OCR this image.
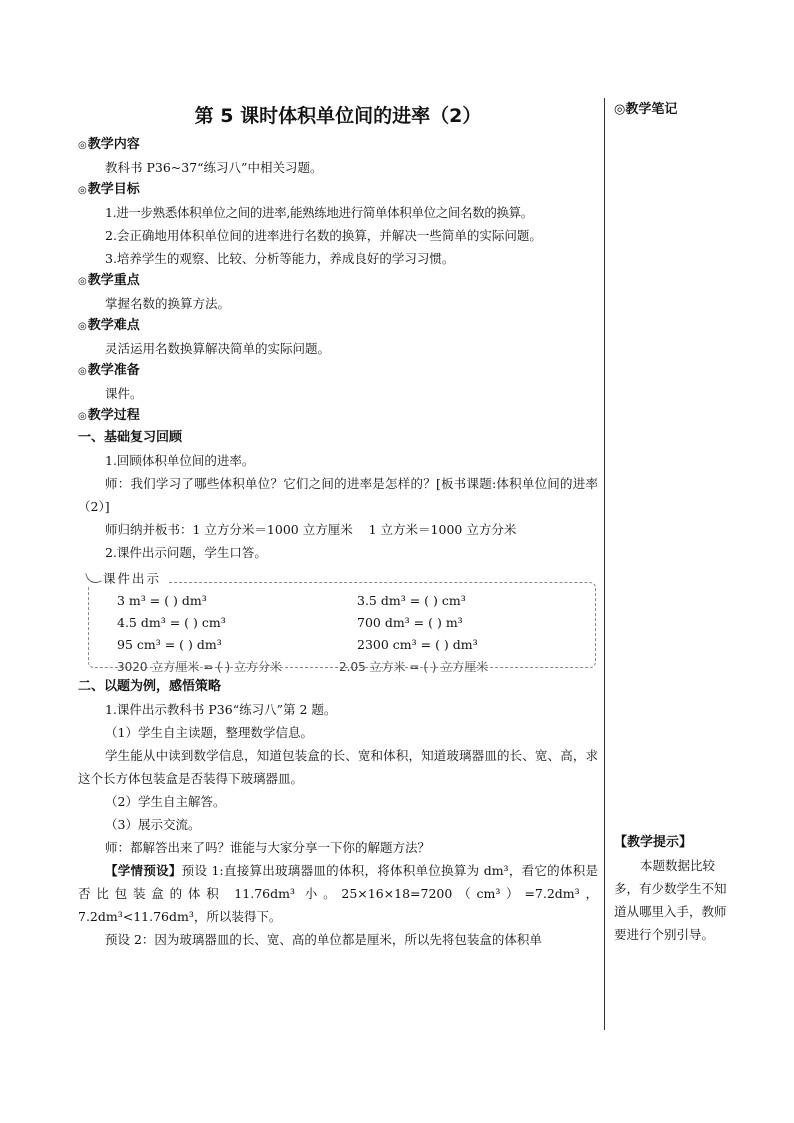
第 5 课时体积单位间的进率（2）
◎教学内容

教科书 P36~37“练习八”中相关习题。

◎教学目标

1.进一步熟悉体积单位之间的进率,能熟练地进行简单体积单位之间名数的换算。

2.会正确地用体积单位间的进率进行名数的换算，并解决一些简单的实际问题。

3.培养学生的观察、比较、分析等能力，养成良好的学习习惯。

◎教学重点

掌握名数的换算方法。

◎教学难点

灵活运用名数换算解决简单的实际问题。

◎教学准备

课件。

◎教学过程
一、基础复习回顾

1.回顾体积单位间的进率。

师：我们学习了哪些体积单位？它们之间的进率是怎样的？[板书课题:体积单位间的进率（2）]

师归纳并板书：1 立方分米＝1000 立方厘米    1 立方米＝1000 立方分米

2.课件出示问题，学生口答。

课件出示
3 m³ = ( ) dm³	3.5 dm³ = ( ) cm³
4.5 dm³ = ( ) cm³	700 dm³ = ( ) m³
95 cm³ = ( ) dm³	2300 cm³ = ( ) dm³
3020 立方厘米 = ( ) 立方分米	2.05 立方米 = ( ) 立方厘米
二、以题为例，感悟策略

1.课件出示教科书 P36“练习八”第 2 题。

（1）学生自主读题，整理数学信息。

学生能从中读到数学信息，知道包装盒的长、宽和体积，知道玻璃器皿的长、宽、高，求这个长方体包装盒是否装得下玻璃器皿。

（2）学生自主解答。

（3）展示交流。

师：都解答出来了吗？谁能与大家分享一下你的解题方法？

【学情预设】预设 1:直接算出玻璃器皿的体积，将体积单位换算为 dm³，看它的体积是否比包装盒的体积 11.76dm³ 小。25×16×18=7200（cm³）=7.2dm³，7.2dm³<11.76dm³，所以装得下。

预设 2：因为玻璃器皿的长、宽、高的单位都是厘米，所以先将包装盒的体积单

◎教学笔记
【教学提示】

本题数据比较多，有少数学生不知道从哪里入手，教师要进行个别引导。
